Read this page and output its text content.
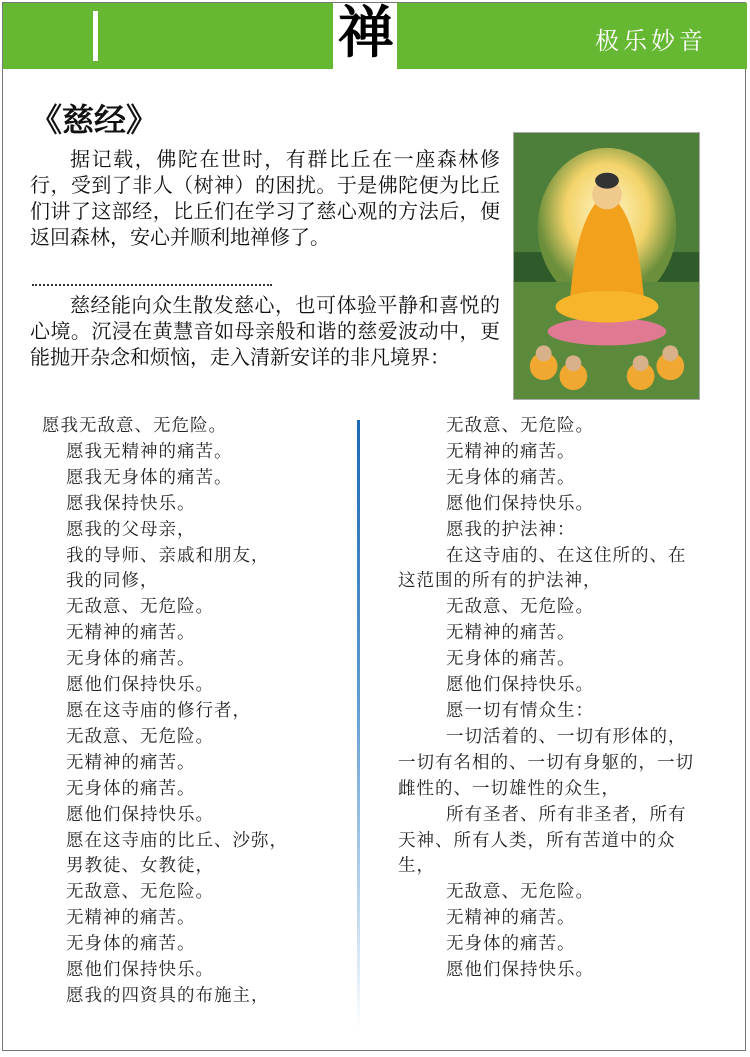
极乐妙音
禅
《慈经》

据记载，佛陀在世时，有群比丘在一座森林修行，受到了非人（树神）的困扰。于是佛陀便为比丘们讲了这部经，比丘们在学习了慈心观的方法后，便返回森林，安心并顺利地禅修了。

慈经能向众生散发慈心，也可体验平静和喜悦的心境。沉浸在黄慧音如母亲般和谐的慈爱波动中，更能抛开杂念和烦恼，走入清新安详的非凡境界：

愿我无敌意、无危险。
愿我无精神的痛苦。
愿我无身体的痛苦。
愿我保持快乐。
愿我的父母亲，
我的导师、亲戚和朋友，
我的同修，
无敌意、无危险。
无精神的痛苦。
无身体的痛苦。
愿他们保持快乐。
愿在这寺庙的修行者，
无敌意、无危险。
无精神的痛苦。
无身体的痛苦。
愿他们保持快乐。
愿在这寺庙的比丘、沙弥，
男教徒、女教徒，
无敌意、无危险。
无精神的痛苦。
无身体的痛苦。
愿他们保持快乐。
愿我的四资具的布施主，
无敌意、无危险。
无精神的痛苦。
无身体的痛苦。
愿他们保持快乐。
愿我的护法神：
在这寺庙的、在这住所的、在这范围的所有的护法神，
无敌意、无危险。
无精神的痛苦。
无身体的痛苦。
愿他们保持快乐。
愿一切有情众生：
一切活着的、一切有形体的，一切有名相的、一切有身躯的，一切雌性的、一切雄性的众生，
所有圣者、所有非圣者，所有天神、所有人类，所有苦道中的众生，
无敌意、无危险。
无精神的痛苦。
无身体的痛苦。
愿他们保持快乐。
